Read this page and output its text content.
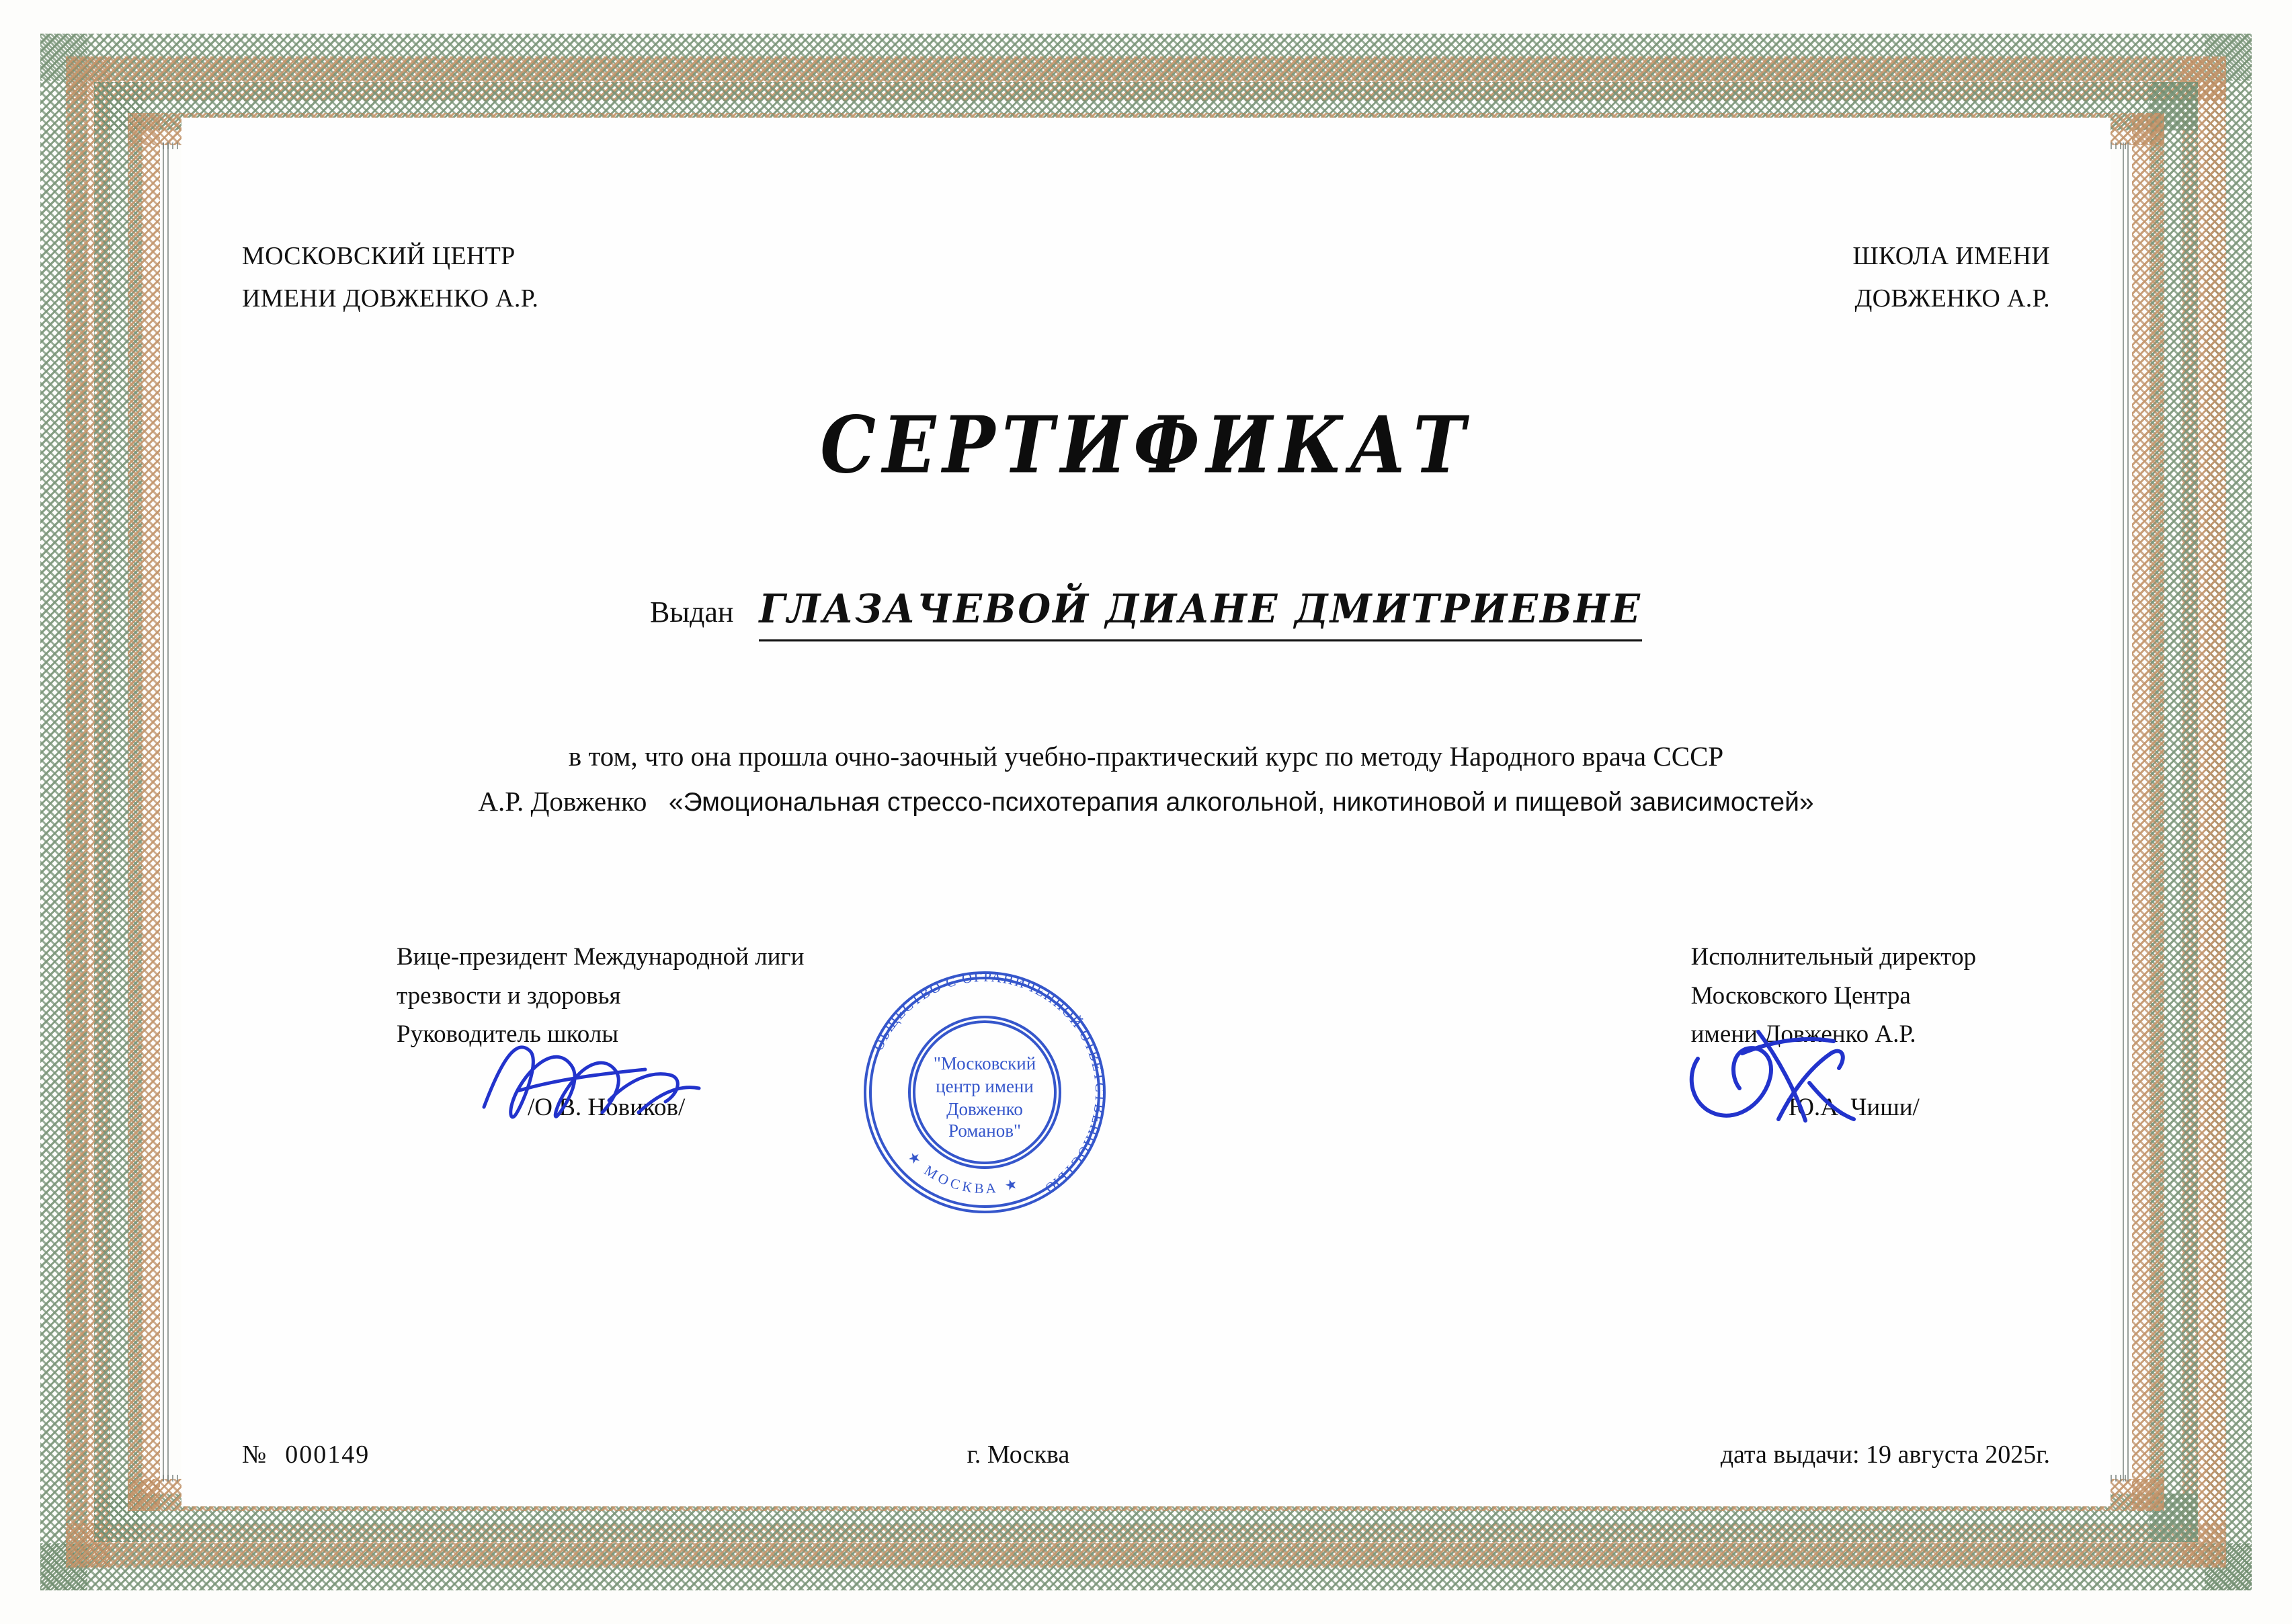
МОСКОВСКИЙ ЦЕНТР
ИМЕНИ ДОВЖЕНКО А.Р.
ШКОЛА ИМЕНИ
ДОВЖЕНКО А.Р.
СЕРТИФИКАТ
Выдан ГЛАЗАЧЕВОЙ ДИАНЕ ДМИТРИЕВНЕ
в том, что она прошла очно-заочный учебно-практический курс по методу Народного врача СССР
А.Р. Довженко «Эмоциональная стрессо-психотерапия алкогольной, никотиновой и пищевой зависимостей»
Вице-президент Международной лиги
трезвости и здоровья
Руководитель школы
/О.В. Новиков/
Исполнительный директор
Московского Центра
имени Довженко А.Р.
/Ю.А. Чиши/
№ 000149	г. Москва	дата выдачи: 19 августа 2025г.
ОБЩЕСТВО С ОГРАНИЧЕННОЙ ОТВЕТСТВЕННОСТЬЮ
★ МОСКВА ★
"Московский
центр имени
Довженко
Романов"
